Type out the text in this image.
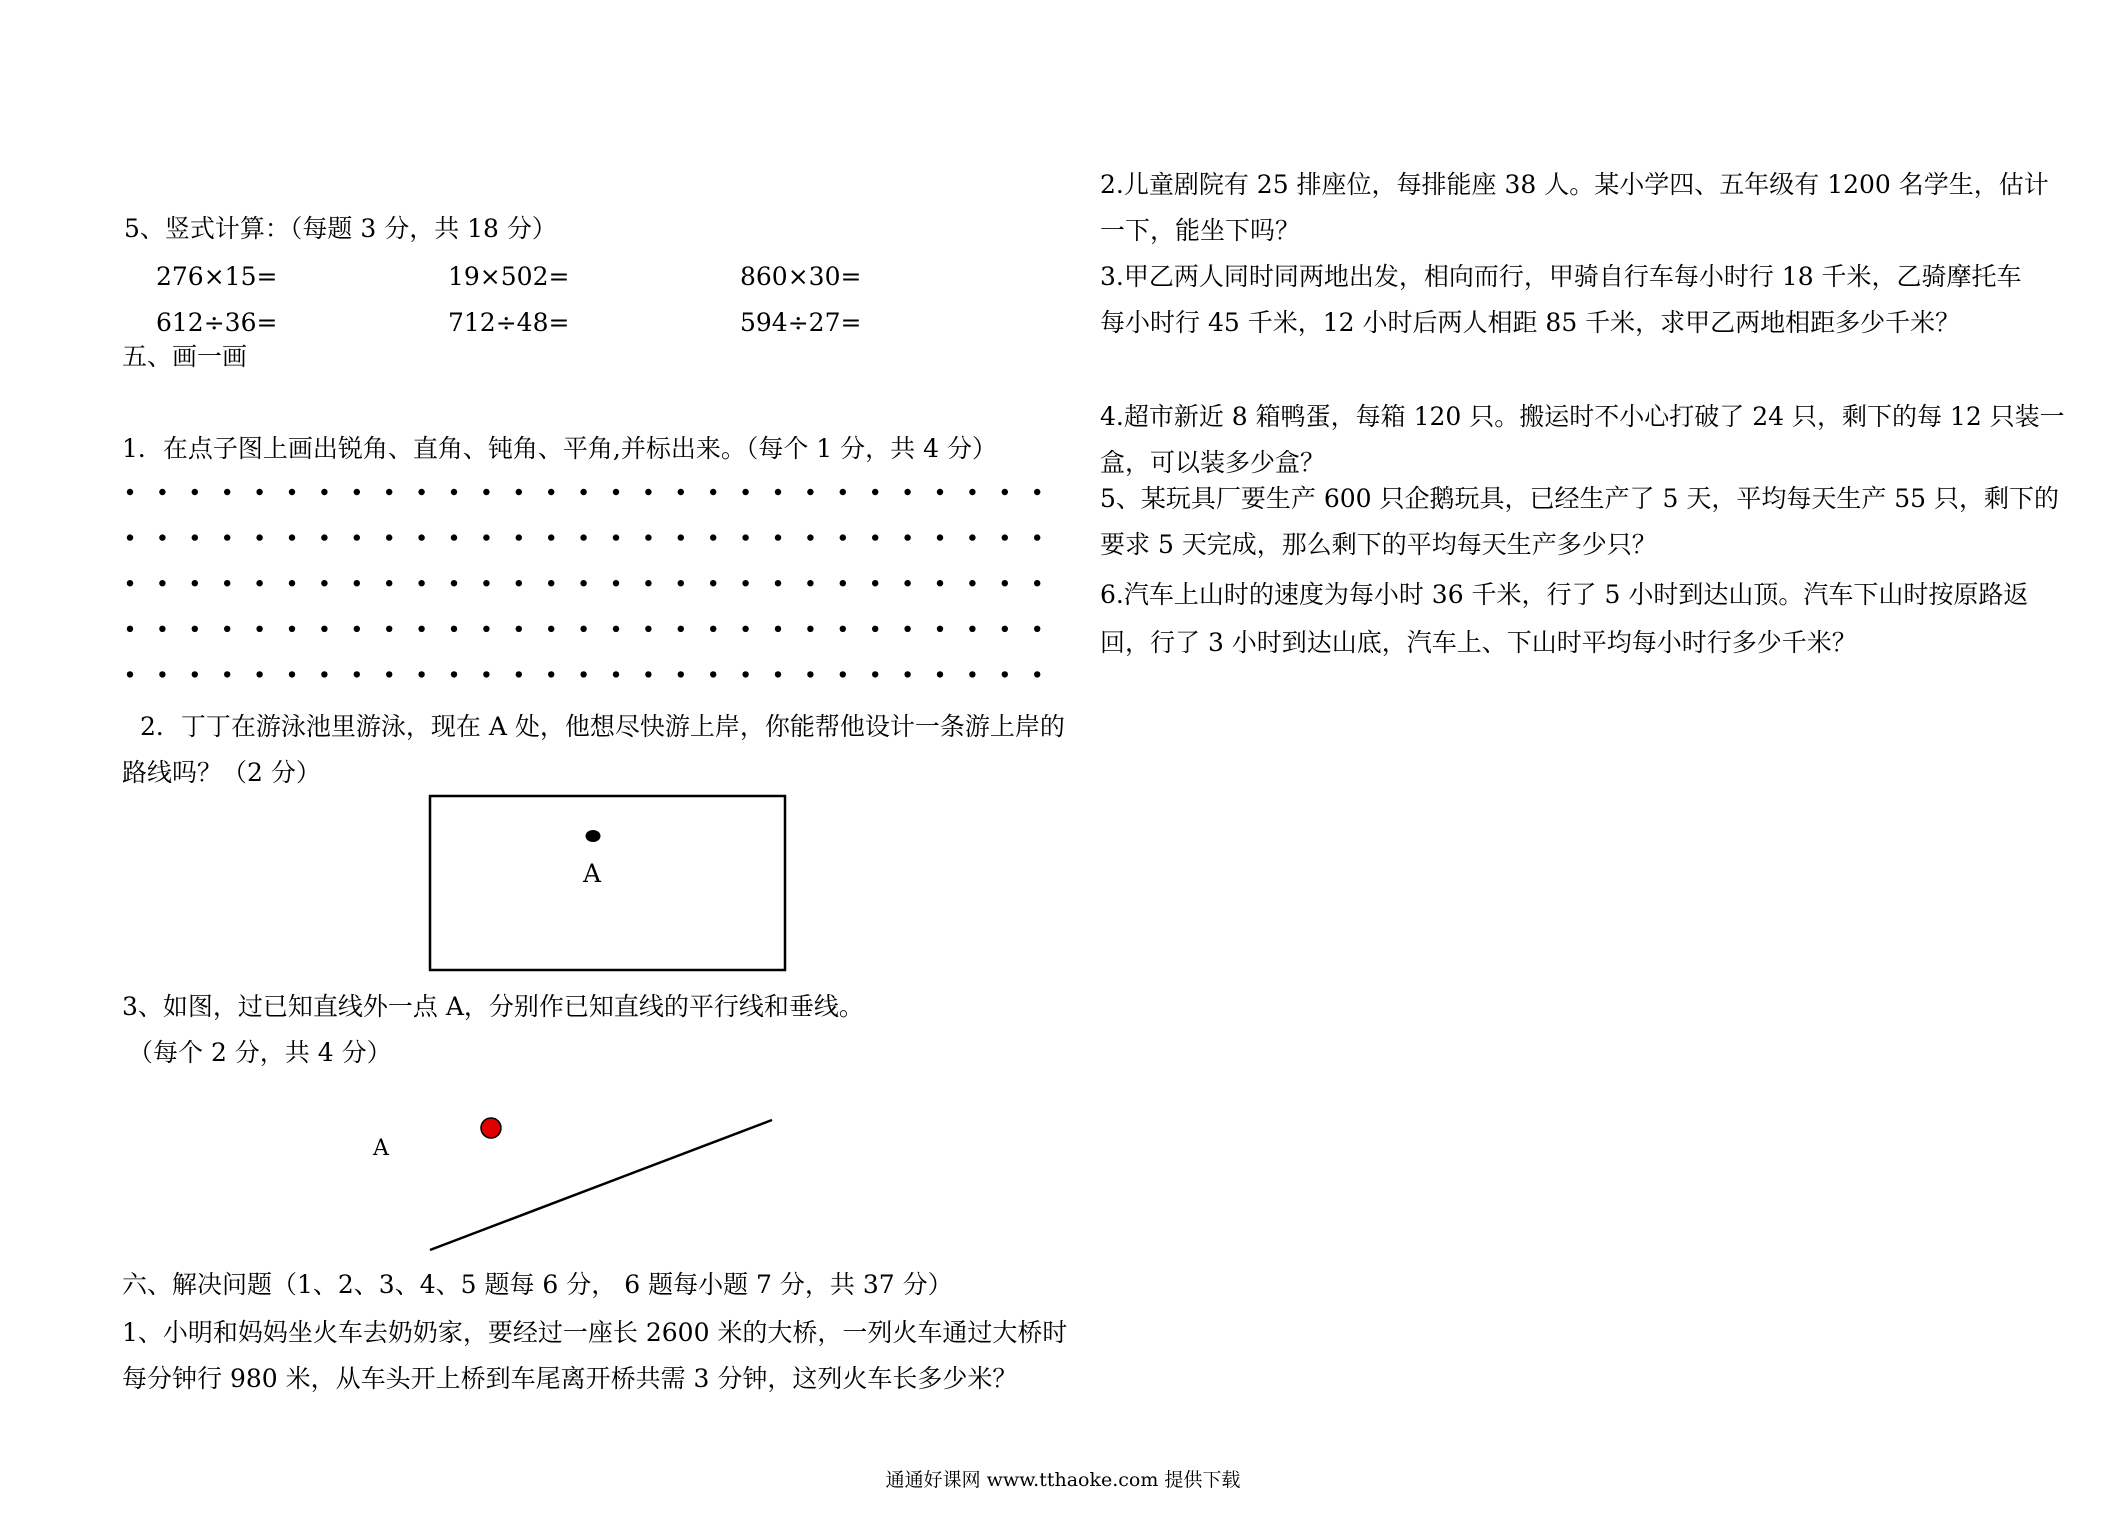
5、竖式计算：（每题 3 分，共 18 分）
276×15=	19×502=	860×30=
612÷36=	712÷48=	594÷27=
五、画一画
1．在点子图上画出锐角、直角、钝角、平角,并标出来。（每个 1 分，共 4 分）
2．丁丁在游泳池里游泳，现在 A 处，他想尽快游上岸，你能帮他设计一条游上岸的
路线吗？（2 分）
3、如图，过已知直线外一点 A，分别作已知直线的平行线和垂线。
（每个 2 分，共 4 分）
A
A
六、解决问题（1、2、3、4、5 题每 6 分， 6 题每小题 7 分，共 37 分）
1、小明和妈妈坐火车去奶奶家，要经过一座长 2600 米的大桥，一列火车通过大桥时
每分钟行 980 米，从车头开上桥到车尾离开桥共需 3 分钟，这列火车长多少米？
2.儿童剧院有 25 排座位，每排能座 38 人。某小学四、五年级有 1200 名学生，估计
一下，能坐下吗？
3.甲乙两人同时同两地出发，相向而行，甲骑自行车每小时行 18 千米，乙骑摩托车
每小时行 45 千米，12 小时后两人相距 85 千米，求甲乙两地相距多少千米？
4.超市新近 8 箱鸭蛋，每箱 120 只。搬运时不小心打破了 24 只，剩下的每 12 只装一
盒，可以装多少盒？
5、某玩具厂要生产 600 只企鹅玩具，已经生产了 5 天，平均每天生产 55 只，剩下的
要求 5 天完成，那么剩下的平均每天生产多少只？
6.汽车上山时的速度为每小时 36 千米，行了 5 小时到达山顶。汽车下山时按原路返
回，行了 3 小时到达山底，汽车上、下山时平均每小时行多少千米？
通通好课网 www.tthaoke.com 提供下载
